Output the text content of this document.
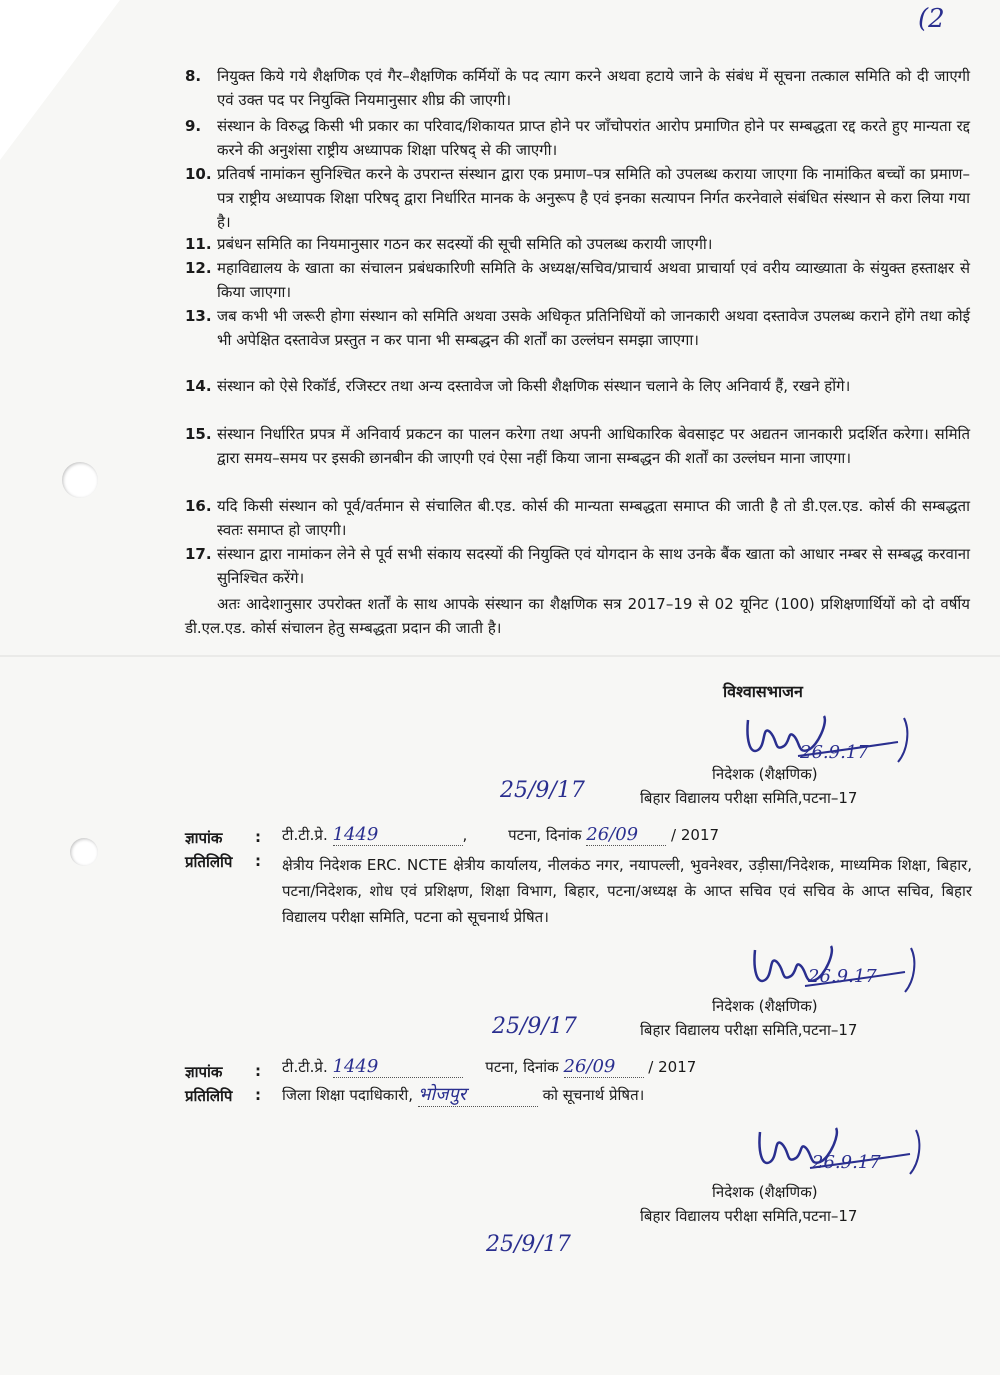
(2
8. नियुक्त किये गये शैक्षणिक एवं गैर–शैक्षणिक कर्मियों के पद त्याग करने अथवा हटाये जाने के संबंध में सूचना तत्काल समिति को दी जाएगी एवं उक्त पद पर नियुक्ति नियमानुसार शीघ्र की जाएगी।
9. संस्थान के विरुद्ध किसी भी प्रकार का परिवाद/शिकायत प्राप्त होने पर जाँचोपरांत आरोप प्रमाणित होने पर सम्बद्धता रद्द करते हुए मान्यता रद्द करने की अनुशंसा राष्ट्रीय अध्यापक शिक्षा परिषद् से की जाएगी।
10. प्रतिवर्ष नामांकन सुनिश्चित करने के उपरान्त संस्थान द्वारा एक प्रमाण–पत्र समिति को उपलब्ध कराया जाएगा कि नामांकित बच्चों का प्रमाण–पत्र राष्ट्रीय अध्यापक शिक्षा परिषद् द्वारा निर्धारित मानक के अनुरूप है एवं इनका सत्यापन निर्गत करनेवाले संबंधित संस्थान से करा लिया गया है।
11. प्रबंधन समिति का नियमानुसार गठन कर सदस्यों की सूची समिति को उपलब्ध करायी जाएगी।
12. महाविद्यालय के खाता का संचालन प्रबंधकारिणी समिति के अध्यक्ष/सचिव/प्राचार्य अथवा प्राचार्या एवं वरीय व्याख्याता के संयुक्त हस्ताक्षर से किया जाएगा।
13. जब कभी भी जरूरी होगा संस्थान को समिति अथवा उसके अधिकृत प्रतिनिधियों को जानकारी अथवा दस्तावेज उपलब्ध कराने होंगे तथा कोई भी अपेक्षित दस्तावेज प्रस्तुत न कर पाना भी सम्बद्धन की शर्तों का उल्लंघन समझा जाएगा।
14. संस्थान को ऐसे रिकॉर्ड, रजिस्टर तथा अन्य दस्तावेज जो किसी शैक्षणिक संस्थान चलाने के लिए अनिवार्य हैं, रखने होंगे।
15. संस्थान निर्धारित प्रपत्र में अनिवार्य प्रकटन का पालन करेगा तथा अपनी आधिकारिक बेवसाइट पर अद्यतन जानकारी प्रदर्शित करेगा। समिति द्वारा समय–समय पर इसकी छानबीन की जाएगी एवं ऐसा नहीं किया जाना सम्बद्धन की शर्तों का उल्लंघन माना जाएगा।
16. यदि किसी संस्थान को पूर्व/वर्तमान से संचालित बी.एड. कोर्स की मान्यता सम्बद्धता समाप्त की जाती है तो डी.एल.एड. कोर्स की सम्बद्धता स्वतः समाप्त हो जाएगी।
17. संस्थान द्वारा नामांकन लेने से पूर्व सभी संकाय सदस्यों की नियुक्ति एवं योगदान के साथ उनके बैंक खाता को आधार नम्बर से सम्बद्ध करवाना सुनिश्चित करेंगे।
अतः आदेशानुसार उपरोक्त शर्तों के साथ आपके संस्थान का शैक्षणिक सत्र 2017–19 से 02 यूनिट (100) प्रशिक्षणार्थियों को दो वर्षीय डी.एल.एड. कोर्स संचालन हेतु सम्बद्धता प्रदान की जाती है।
विश्वासभाजन
26.9.17
निदेशक (शैक्षणिक)
25/9/17	बिहार विद्यालय परीक्षा समिति,पटना–17
ज्ञापांक : टी.टी.प्रे. 1449	, पटना, दिनांक 26/09 / 2017
प्रतिलिपि : क्षेत्रीय निदेशक ERC. NCTE क्षेत्रीय कार्यालय, नीलकंठ नगर, नयापल्ली, भुवनेश्वर, उड़ीसा/निदेशक, माध्यमिक शिक्षा, बिहार, पटना/निदेशक, शोध एवं प्रशिक्षण, शिक्षा विभाग, बिहार, पटना/अध्यक्ष के आप्त सचिव एवं सचिव के आप्त सचिव, बिहार विद्यालय परीक्षा समिति, पटना को सूचनार्थ प्रेषित।
26.9.17
निदेशक (शैक्षणिक)
25/9/17	बिहार विद्यालय परीक्षा समिति,पटना–17
ज्ञापांक : टी.टी.प्रे. 1449	पटना, दिनांक 26/09 / 2017
प्रतिलिपि : जिला शिक्षा पदाधिकारी, भोजपुर	को सूचनार्थ प्रेषित।
26.9.17
निदेशक (शैक्षणिक)
बिहार विद्यालय परीक्षा समिति,पटना–17
25/9/17
